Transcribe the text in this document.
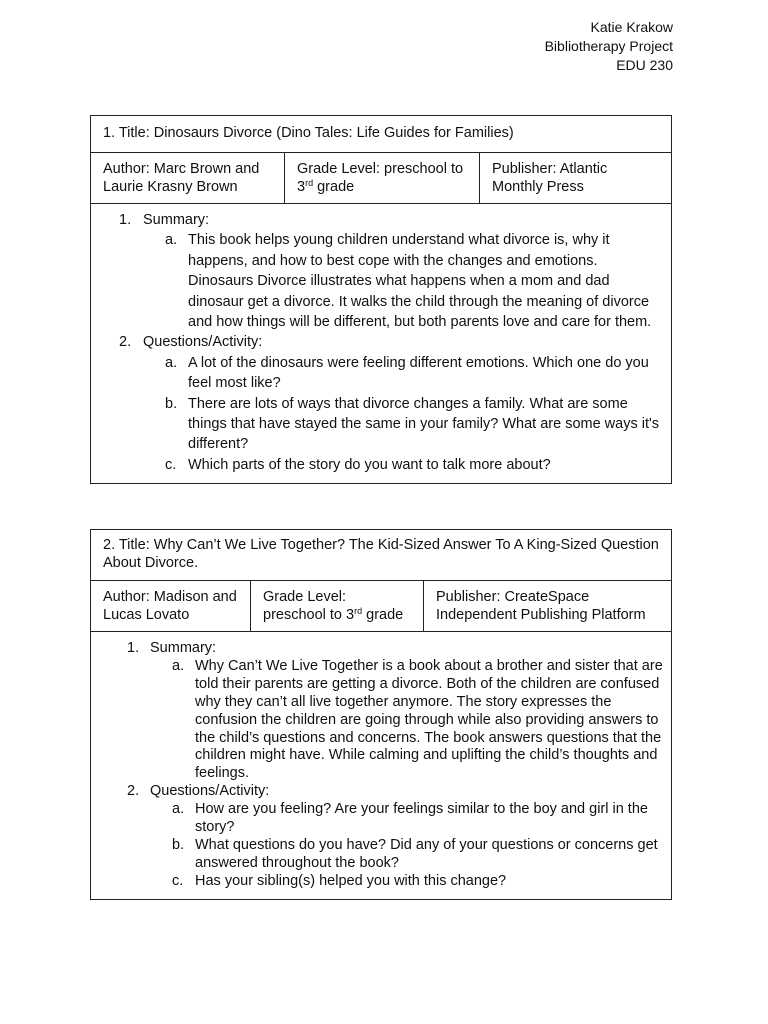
Katie Krakow
Bibliotherapy Project
EDU 230
1. Title: Dinosaurs Divorce (Dino Tales: Life Guides for Families)
Author: Marc Brown and Laurie Krasny Brown
Grade Level: preschool to 3rd grade
Publisher: Atlantic Monthly Press
1. Summary:
a. This book helps young children understand what divorce is, why it happens, and how to best cope with the changes and emotions. Dinosaurs Divorce illustrates what happens when a mom and dad dinosaur get a divorce. It walks the child through the meaning of divorce and how things will be different, but both parents love and care for them.
2. Questions/Activity:
a. A lot of the dinosaurs were feeling different emotions. Which one do you feel most like?
b. There are lots of ways that divorce changes a family. What are some things that have stayed the same in your family? What are some ways it's different?
c. Which parts of the story do you want to talk more about?
2. Title: Why Can’t We Live Together? The Kid-Sized Answer To A King-Sized Question About Divorce.
Author: Madison and Lucas Lovato
Grade Level: preschool to 3rd grade
Publisher: CreateSpace Independent Publishing Platform
1. Summary:
a. Why Can’t We Live Together is a book about a brother and sister that are told their parents are getting a divorce. Both of the children are confused why they can’t all live together anymore. The story expresses the confusion the children are going through while also providing answers to the child’s questions and concerns. The book answers questions that the children might have. While calming and uplifting the child’s thoughts and feelings.
2. Questions/Activity:
a. How are you feeling? Are your feelings similar to the boy and girl in the story?
b. What questions do you have? Did any of your questions or concerns get answered throughout the book?
c. Has your sibling(s) helped you with this change?
